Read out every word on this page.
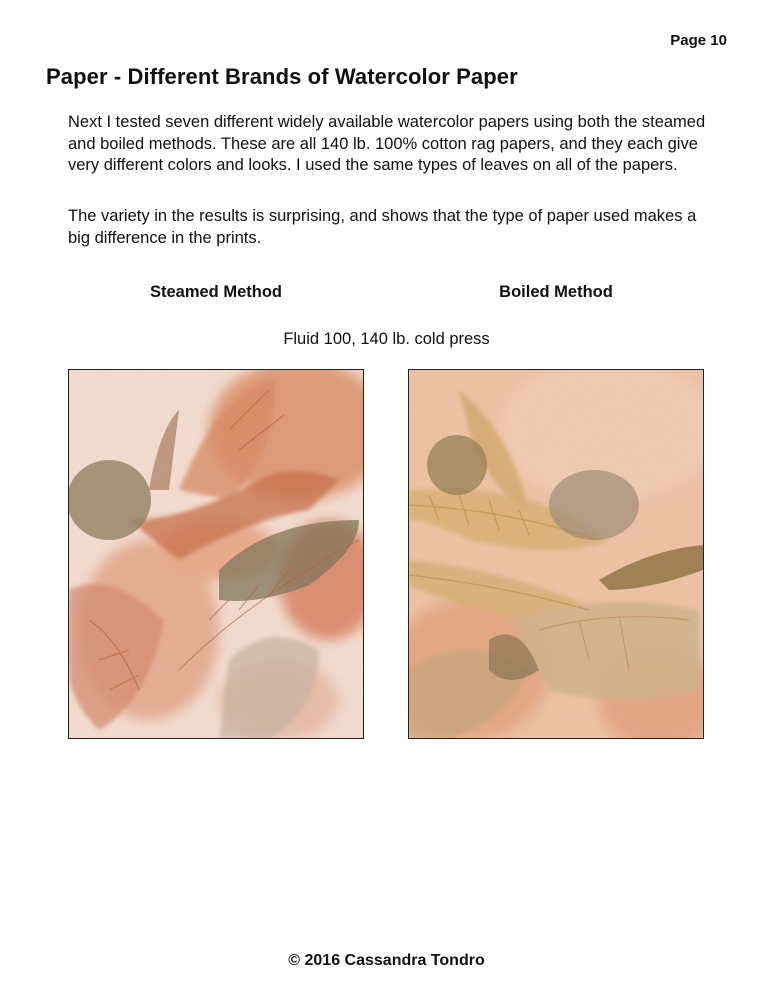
Page 10
Paper - Different Brands of Watercolor Paper

Next I tested seven different widely available watercolor papers using both the steamed and boiled methods. These are all 140 lb. 100% cotton rag papers, and they each give very different colors and looks. I used the same types of leaves on all of the papers.

The variety in the results is surprising, and shows that the type of paper used makes a big difference in the prints.

Steamed Method	Boiled Method
Fluid 100, 140 lb. cold press
© 2016 Cassandra Tondro
